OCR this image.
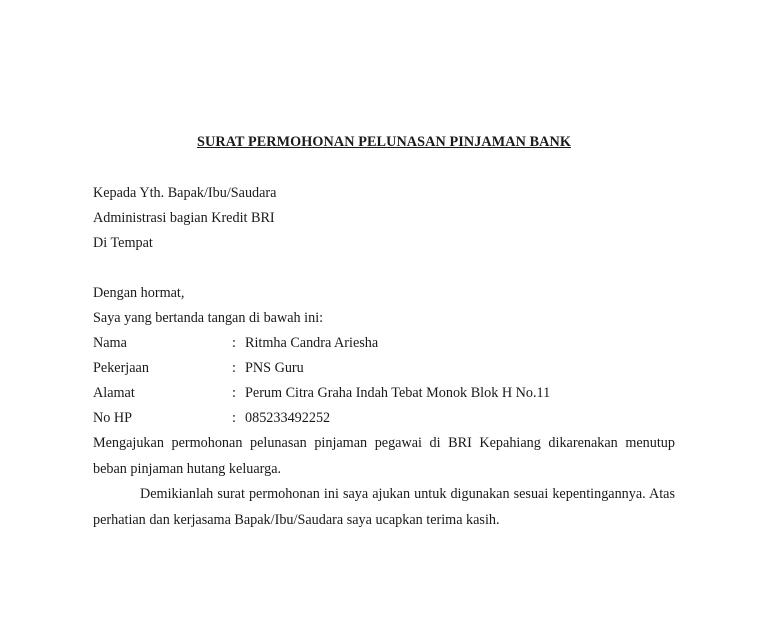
SURAT PERMOHONAN PELUNASAN PINJAMAN BANK
Kepada Yth. Bapak/Ibu/Saudara
Administrasi bagian Kredit BRI
Di Tempat
Dengan hormat,
Saya yang bertanda tangan di bawah ini:
Nama	: Ritmha Candra Ariesha
Pekerjaan	: PNS Guru
Alamat	: Perum Citra Graha Indah Tebat Monok Blok H No.11
No HP	: 085233492252
Mengajukan permohonan pelunasan pinjaman pegawai di BRI Kepahiang dikarenakan menutup beban pinjaman hutang keluarga.
Demikianlah surat permohonan ini saya ajukan untuk digunakan sesuai kepentingannya. Atas perhatian dan kerjasama Bapak/Ibu/Saudara saya ucapkan terima kasih.
